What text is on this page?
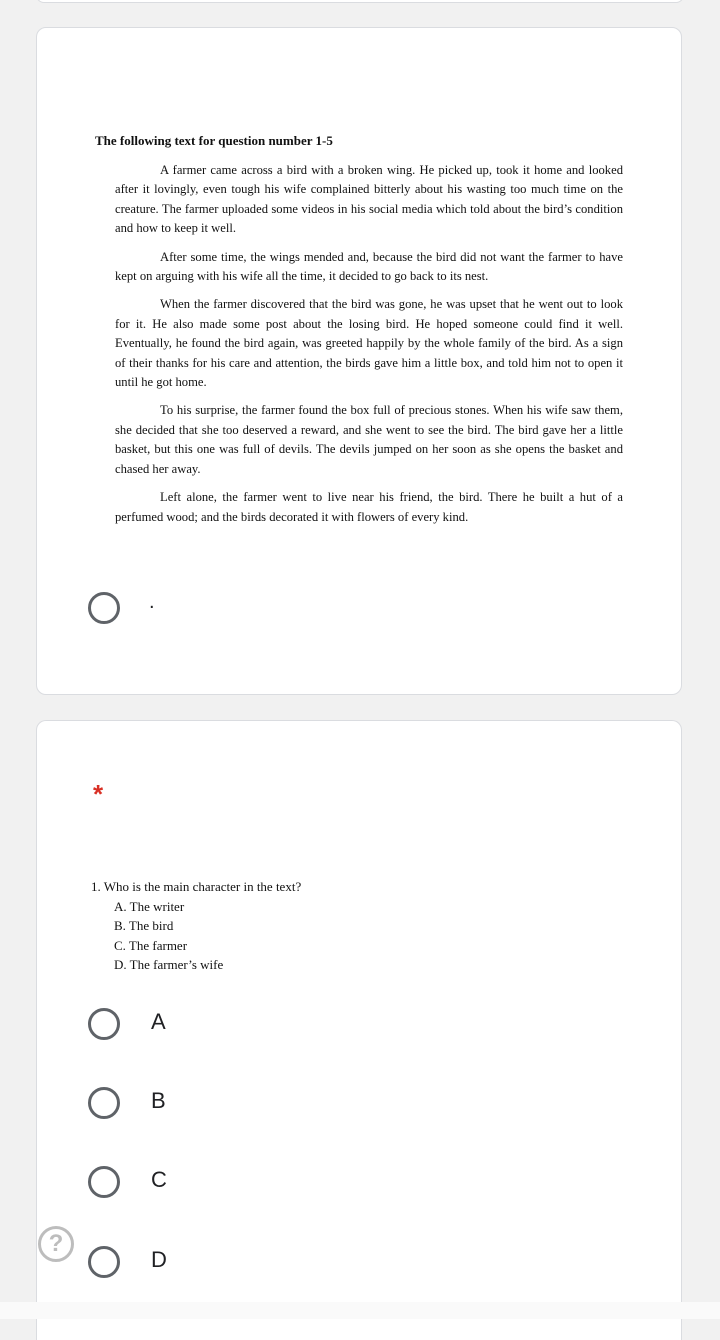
The following text for question number 1-5

A farmer came across a bird with a broken wing. He picked up, took it home and looked after it lovingly, even tough his wife complained bitterly about his wasting too much time on the creature. The farmer uploaded some videos in his social media which told about the bird’s condition and how to keep it well.

After some time, the wings mended and, because the bird did not want the farmer to have kept on arguing with his wife all the time, it decided to go back to its nest.

When the farmer discovered that the bird was gone, he was upset that he went out to look for it. He also made some post about the losing bird. He hoped someone could find it well. Eventually, he found the bird again, was greeted happily by the whole family of the bird. As a sign of their thanks for his care and attention, the birds gave him a little box, and told him not to open it until he got home.

To his surprise, the farmer found the box full of precious stones. When his wife saw them, she decided that she too deserved a reward, and she went to see the bird. The bird gave her a little basket, but this one was full of devils. The devils jumped on her soon as she opens the basket and chased her away.

Left alone, the farmer went to live near his friend, the bird. There he built a hut of a perfumed wood; and the birds decorated it with flowers of every kind.

.
*

1. Who is the main character in the text?

A. The writer

B. The bird

C. The farmer

D. The farmer’s wife

A
B
C
D
?
